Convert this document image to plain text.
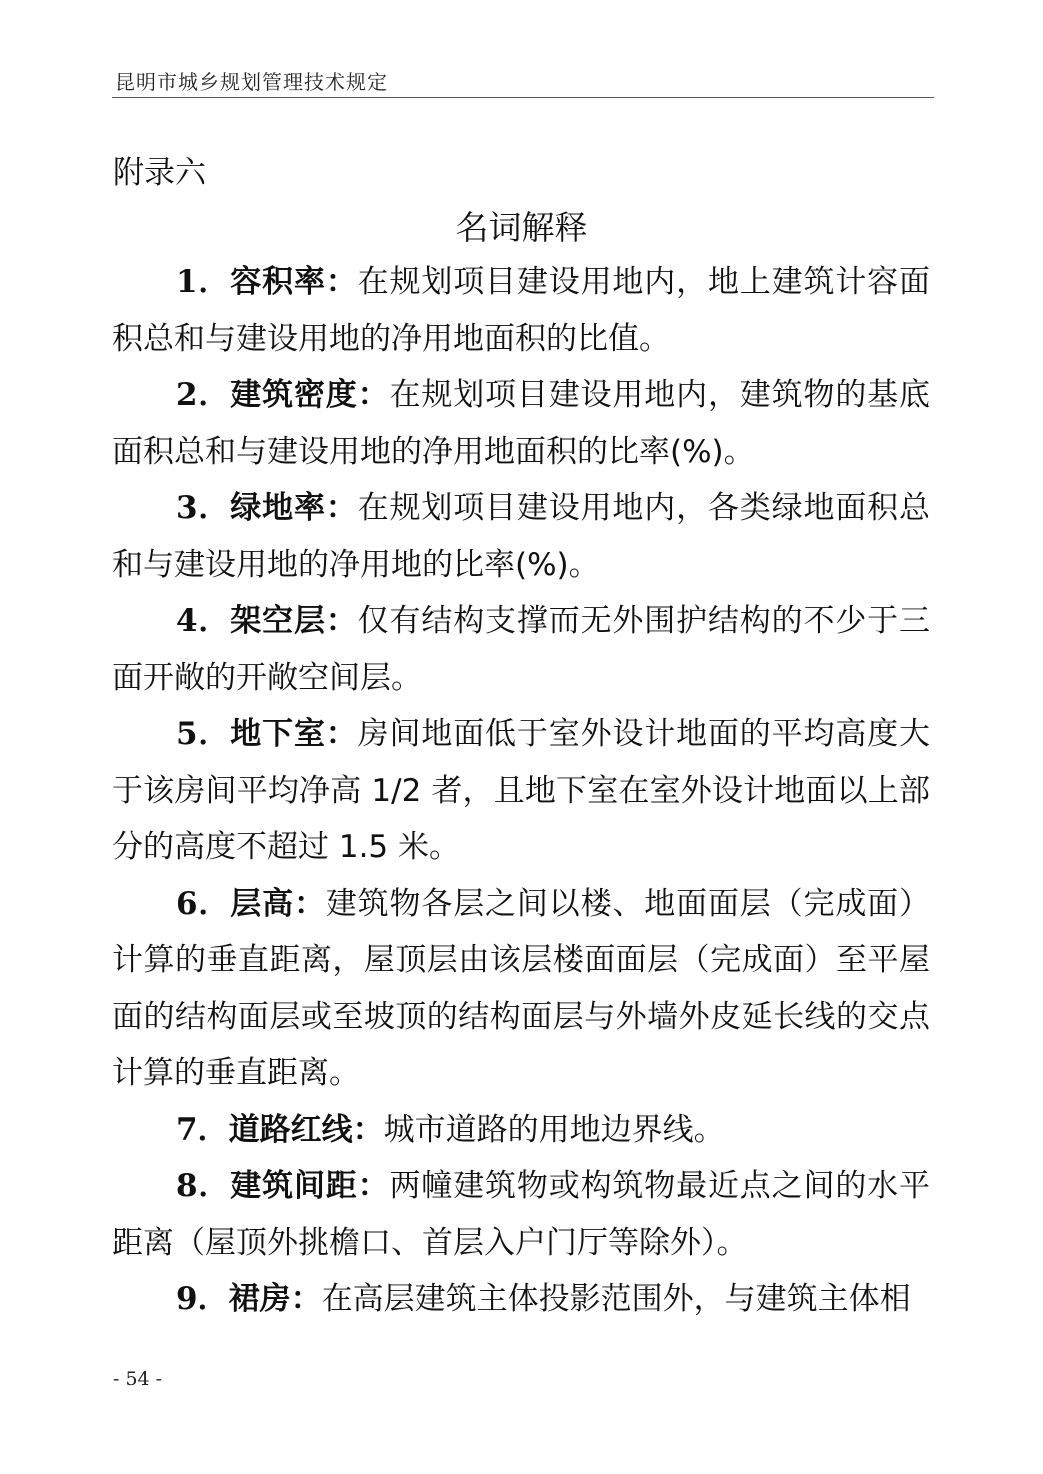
昆明市城乡规划管理技术规定
附录六
名词解释

1．容积率：在规划项目建设用地内，地上建筑计容面积总和与建设用地的净用地面积的比值。

2．建筑密度：在规划项目建设用地内，建筑物的基底面积总和与建设用地的净用地面积的比率(%)。

3．绿地率：在规划项目建设用地内，各类绿地面积总和与建设用地的净用地的比率(%)。

4．架空层：仅有结构支撑而无外围护结构的不少于三面开敞的开敞空间层。

5．地下室：房间地面低于室外设计地面的平均高度大于该房间平均净高 1/2 者，且地下室在室外设计地面以上部分的高度不超过 1.5 米。

6．层高：建筑物各层之间以楼、地面面层（完成面）计算的垂直距离，屋顶层由该层楼面面层（完成面）至平屋面的结构面层或至坡顶的结构面层与外墙外皮延长线的交点计算的垂直距离。

7．道路红线：城市道路的用地边界线。

8．建筑间距：两幢建筑物或构筑物最近点之间的水平距离（屋顶外挑檐口、首层入户门厅等除外）。

9．裙房：在高层建筑主体投影范围外，与建筑主体相

- 54 -
